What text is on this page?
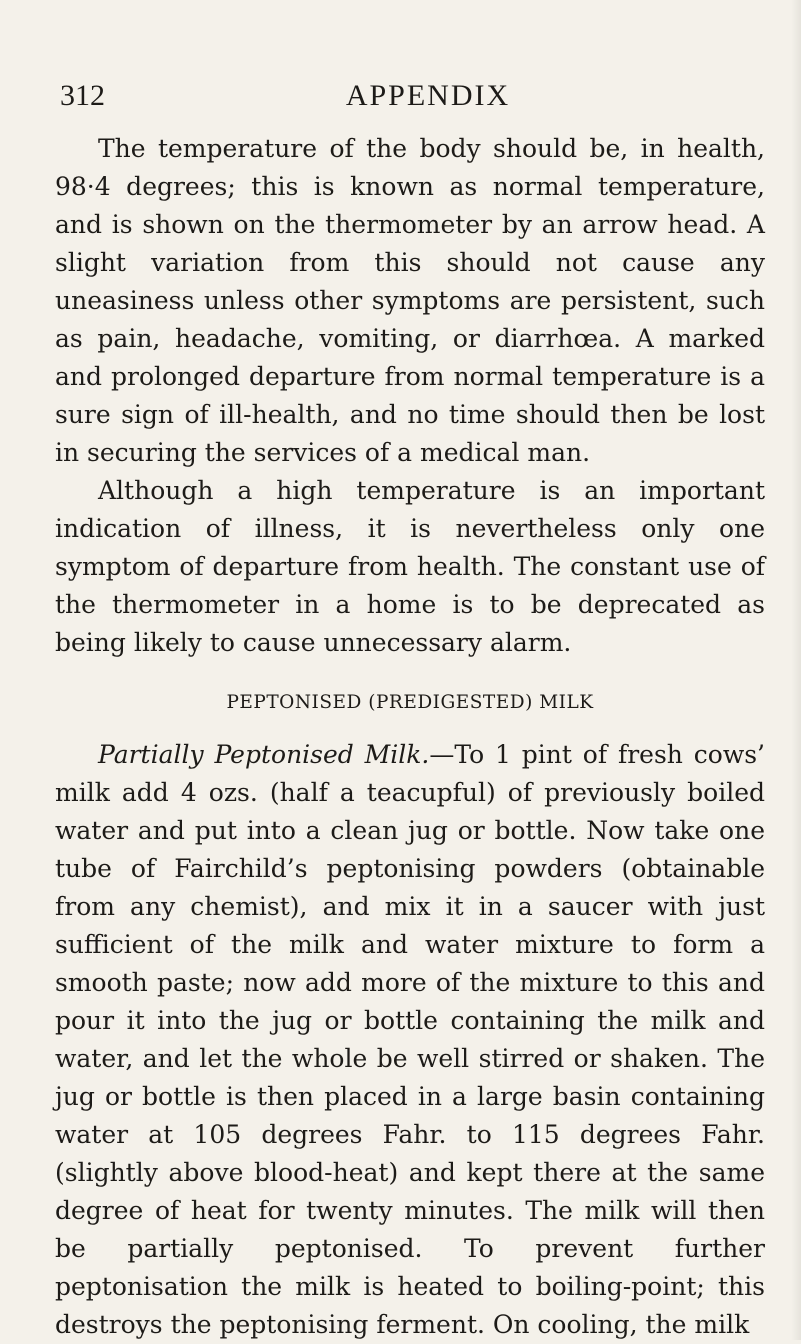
312	APPENDIX

The temperature of the body should be, in health, 98·4 degrees; this is known as normal temperature, and is shown on the thermometer by an arrow head. A slight variation from this should not cause any uneasiness unless other symptoms are persistent, such as pain, headache, vomiting, or diarrhœa. A marked and prolonged departure from normal temperature is a sure sign of ill-health, and no time should then be lost in securing the services of a medical man.

Although a high temperature is an important indication of illness, it is nevertheless only one symptom of departure from health. The constant use of the thermometer in a home is to be deprecated as being likely to cause unnecessary alarm.

PEPTONISED (PREDIGESTED) MILK

Partially Peptonised Milk.—To 1 pint of fresh cows’ milk add 4 ozs. (half a teacupful) of previously boiled water and put into a clean jug or bottle. Now take one tube of Fairchild’s peptonising powders (obtainable from any chemist), and mix it in a saucer with just sufficient of the milk and water mixture to form a smooth paste; now add more of the mixture to this and pour it into the jug or bottle containing the milk and water, and let the whole be well stirred or shaken. The jug or bottle is then placed in a large basin containing water at 105 degrees Fahr. to 115 degrees Fahr. (slightly above blood-heat) and kept there at the same degree of heat for twenty minutes. The milk will then be partially peptonised. To prevent further peptonisation the milk is heated to boiling-point; this destroys the peptonising ferment. On cooling, the milk
